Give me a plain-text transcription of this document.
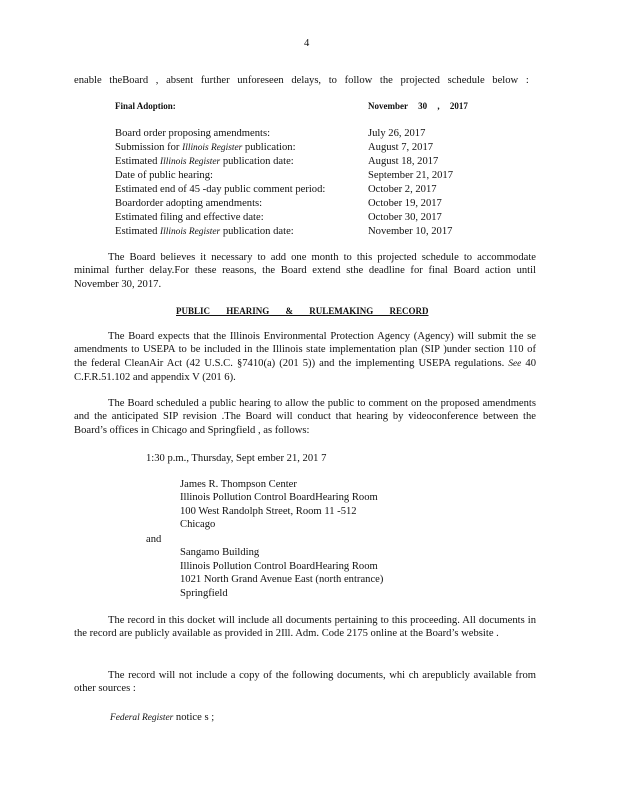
4
enable theBoard , absent further unforeseen delays, to follow the projected schedule below :
Final Adoption:	November 30 , 2017
Board order proposing amendments:	July 26, 2017
Submission for Illinois Register publication:	August 7, 2017
Estimated Illinois Register publication date:	August 18, 2017
Date of public hearing:	September 21, 2017
Estimated end of 45 -day public comment period:	October 2, 2017
Boardorder adopting amendments:	October 19, 2017
Estimated filing and effective date:	October 30, 2017
Estimated Illinois Register publication date:	November 10, 2017
The Board believes it necessary to add one month to this projected schedule to accommodate minimal further delay.For these reasons, the Board extend sthe deadline for final Board action until November 30, 2017.
PUBLIC HEARING & RULEMAKING RECORD
The Board expects that the Illinois Environmental Protection Agency (Agency) will submit the se amendments to USEPA to be included in the Illinois state implementation plan (SIP )under section 110 of the federal CleanAir Act (42 U.S.C. §7410(a) (201 5)) and the implementing USEPA regulations. See 40 C.F.R.51.102 and appendix V (201 6).
The Board scheduled a public hearing to allow the public to comment on the proposed amendments and the anticipated SIP revision .The Board will conduct that hearing by videoconference between the Board’s offices in Chicago and Springfield , as follows:
1:30 p.m., Thursday, Sept ember 21, 201 7
James R. Thompson Center
Illinois Pollution Control BoardHearing Room
100 West Randolph Street, Room 11 -512
Chicago
and
Sangamo Building
Illinois Pollution Control BoardHearing Room
1021 North Grand Avenue East (north entrance)
Springfield
The record in this docket will include all documents pertaining to this proceeding. All documents in the record are publicly available as provided in 2Ill. Adm. Code 2175 online at the Board’s website .
The record will not include a copy of the following documents, whi ch arepublicly available from other sources :
Federal Register notice s ;
